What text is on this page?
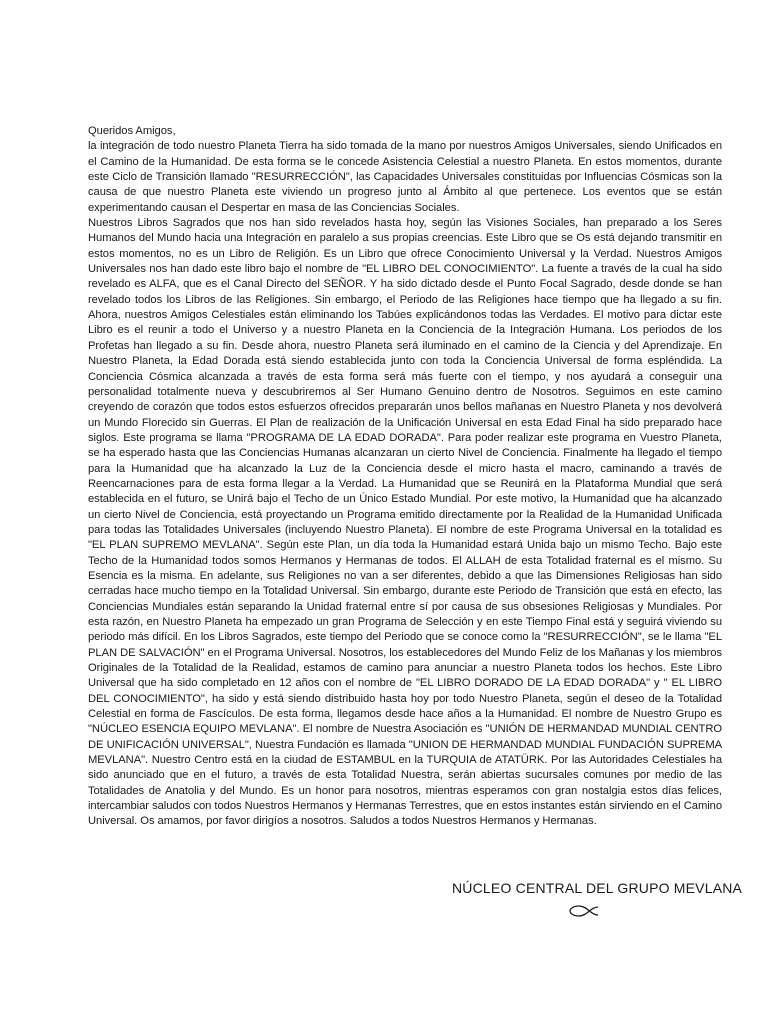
Queridos Amigos,

la integración de todo nuestro Planeta Tierra ha sido tomada de la mano por nuestros Amigos Universales, siendo Unificados en el Camino de la Humanidad. De esta forma se le concede Asistencia Celestial a nuestro Planeta. En estos momentos, durante este Ciclo de Transición llamado "RESURRECCIÓN", las Capacidades Universales constituidas por Influencias Cósmicas son la causa de que nuestro Planeta este viviendo un progreso junto al Ámbito al que pertenece. Los eventos que se están experimentando causan el Despertar en masa de las Conciencias Sociales.

Nuestros Libros Sagrados que nos han sido revelados hasta hoy, según las Visiones Sociales, han preparado a los Seres Humanos del Mundo hacia una Integración en paralelo a sus propias creencias. Este Libro que se Os está dejando transmitir en estos momentos, no es un Libro de Religión. Es un Libro que ofrece Conocimiento Universal y la Verdad. Nuestros Amigos Universales nos han dado este libro bajo el nombre de "EL LIBRO DEL CONOCIMIENTO". La fuente a través de la cual ha sido revelado es ALFA, que es el Canal Directo del SEÑOR. Y ha sido dictado desde el Punto Focal Sagrado, desde donde se han revelado todos los Libros de las Religiones. Sin embargo, el Periodo de las Religiones hace tiempo que ha llegado a su fin. Ahora, nuestros Amigos Celestiales están eliminando los Tabúes explicándonos todas las Verdades. El motivo para dictar este Libro es el reunir a todo el Universo y a nuestro Planeta en la Conciencia de la Integración Humana. Los periodos de los Profetas han llegado a su fin. Desde ahora, nuestro Planeta será iluminado en el camino de la Ciencia y del Aprendizaje. En Nuestro Planeta, la Edad Dorada está siendo establecida junto con toda la Conciencia Universal de forma espléndida. La Conciencia Cósmica alcanzada a través de esta forma será más fuerte con el tiempo, y nos ayudará a conseguir una personalidad totalmente nueva y descubriremos al Ser Humano Genuino dentro de Nosotros. Seguimos en este camino creyendo de corazón que todos estos esfuerzos ofrecidos prepararán unos bellos mañanas en Nuestro Planeta y nos devolverá un Mundo Florecido sin Guerras. El Plan de realización de la Unificación Universal en esta Edad Final ha sido preparado hace siglos. Este programa se llama "PROGRAMA DE LA EDAD DORADA". Para poder realizar este programa en Vuestro Planeta, se ha esperado hasta que las Conciencias Humanas alcanzaran un cierto Nivel de Conciencia. Finalmente ha llegado el tiempo para la Humanidad que ha alcanzado la Luz de la Conciencia desde el micro hasta el macro, caminando a través de Reencarnaciones para de esta forma llegar a la Verdad. La Humanidad que se Reunirá en la Plataforma Mundial que será establecida en el futuro, se Unirá bajo el Techo de un Único Estado Mundial. Por este motivo, la Humanidad que ha alcanzado un cierto Nivel de Conciencia, está proyectando un Programa emitido directamente por la Realidad de la Humanidad Unificada para todas las Totalidades Universales (incluyendo Nuestro Planeta). El nombre de este Programa Universal en la totalidad es "EL PLAN SUPREMO MEVLANA". Según este Plan, un día toda la Humanidad estará Unida bajo un mismo Techo. Bajo este Techo de la Humanidad todos somos Hermanos y Hermanas de todos. El ALLAH de esta Totalidad fraternal es el mismo. Su Esencia es la misma. En adelante, sus Religiones no van a ser diferentes, debido a que las Dimensiones Religiosas han sido cerradas hace mucho tiempo en la Totalidad Universal. Sin embargo, durante este Periodo de Transición que está en efecto, las Conciencias Mundiales están separando la Unidad fraternal entre sí por causa de sus obsesiones Religiosas y Mundiales. Por esta razón, en Nuestro Planeta ha empezado un gran Programa de Selección y en este Tiempo Final está y seguirá viviendo su periodo más difícil. En los Libros Sagrados, este tiempo del Periodo que se conoce como la "RESURRECCIÓN", se le llama "EL PLAN DE SALVACIÓN" en el Programa Universal. Nosotros, los establecedores del Mundo Feliz de los Mañanas y los miembros Originales de la Totalidad de la Realidad, estamos de camino para anunciar a nuestro Planeta todos los hechos. Este Libro Universal que ha sido completado en 12 años con el nombre de "EL LIBRO DORADO DE LA EDAD DORADA" y " EL LIBRO DEL CONOCIMIENTO", ha sido y está siendo distribuido hasta hoy por todo Nuestro Planeta, según el deseo de la Totalidad Celestial en forma de Fascículos. De esta forma, llegamos desde hace años a la Humanidad. El nombre de Nuestro Grupo es "NÚCLEO ESENCIA EQUIPO MEVLANA". El nombre de Nuestra Asociación es "UNIÓN DE HERMANDAD MUNDIAL CENTRO DE UNIFICACIÓN UNIVERSAL", Nuestra Fundación es llamada "UNION DE HERMANDAD MUNDIAL FUNDACIÓN SUPREMA MEVLANA". Nuestro Centro está en la ciudad de ESTAMBUL en la TURQUIA de ATATÜRK. Por las Autoridades Celestiales ha sido anunciado que en el futuro, a través de esta Totalidad Nuestra, serán abiertas sucursales comunes por medio de las Totalidades de Anatolia y del Mundo. Es un honor para nosotros, mientras esperamos con gran nostalgia estos días felices, intercambiar saludos con todos Nuestros Hermanos y Hermanas Terrestres, que en estos instantes están sirviendo en el Camino Universal. Os amamos, por favor dirigíos a nosotros. Saludos a todos Nuestros Hermanos y Hermanas.

NÚCLEO CENTRAL DEL GRUPO MEVLANA
